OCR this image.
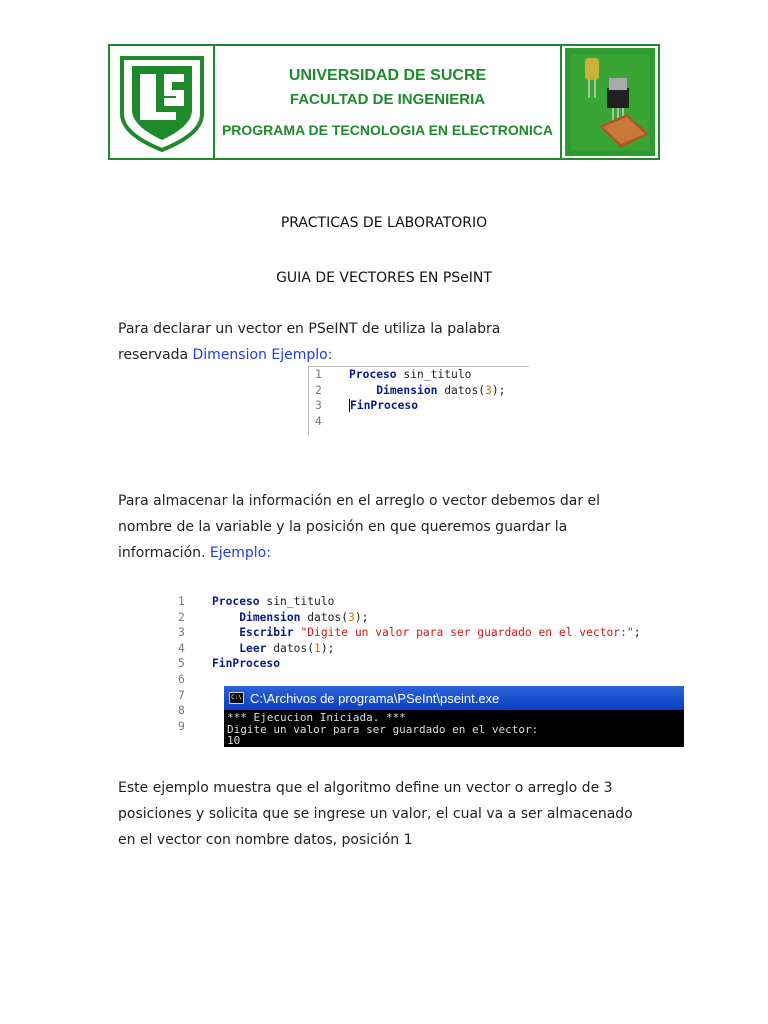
UNIVERSIDAD DE SUCRE
FACULTAD DE INGENIERIA
PROGRAMA DE TECNOLOGIA EN ELECTRONICA
PRACTICAS DE LABORATORIO
GUIA DE VECTORES EN PSeINT
Para declarar un vector en PSeINT de utiliza la palabra
reservada Dimension Ejemplo:
1 Proceso sin_titulo
2	Dimension datos(3);
3 FinProceso
4
Para almacenar la información en el arreglo o vector debemos dar el
nombre de la variable y la posición en que queremos guardar la
información. Ejemplo:
1 Proceso sin_titulo
2	Dimension datos(3);
3	Escribir "Digite un valor para ser guardado en el vector:";
4	Leer datos(1);
5 FinProceso
6
7
8
9
C:\ C:\Archivos de programa\PSeInt\pseint.exe
*** Ejecucion Iniciada. ***
Digite un valor para ser guardado en el vector:
10
Este ejemplo muestra que el algoritmo define un vector o arreglo de 3
posiciones y solicita que se ingrese un valor, el cual va a ser almacenado
en el vector con nombre datos, posición 1
